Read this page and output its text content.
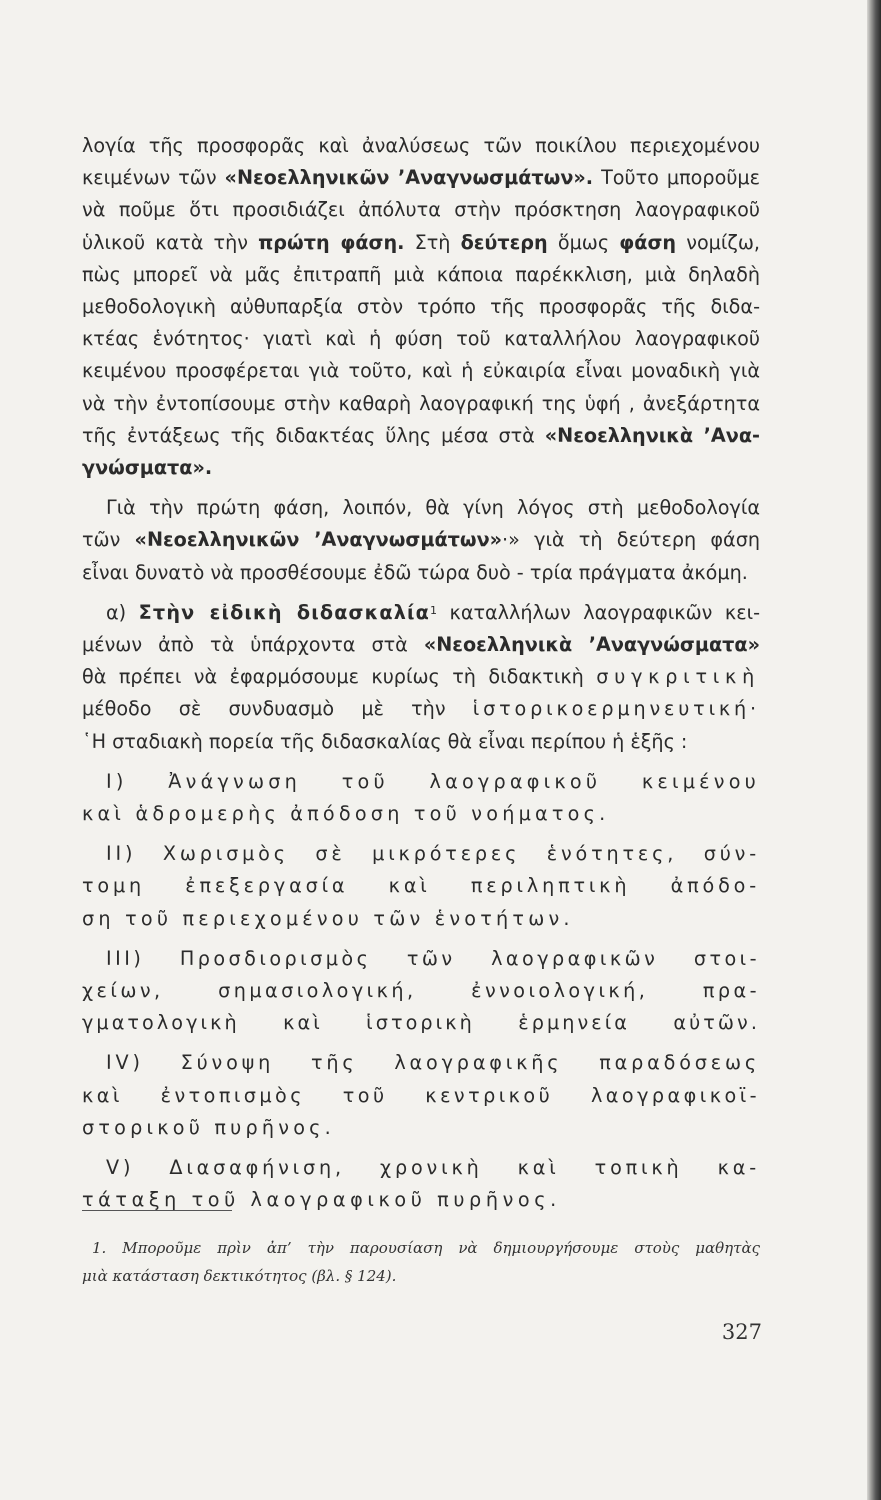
λογία τῆς προσφορᾶς καὶ ἀναλύσεως τῶν ποικίλου περιεχομένου
κειμένων τῶν «Νεοελληνικῶν ’Αναγνωσμάτων». Τοῦτο μποροῦμε
νὰ ποῦμε ὅτι προσιδιάζει ἀπόλυτα στὴν πρόσκτηση λαογραφικοῦ
ὑλικοῦ κατὰ τὴν πρώτη φάση. Στὴ δεύτερη ὅμως φάση νομίζω,
πὼς μπορεῖ νὰ μᾶς ἐπιτραπῆ μιὰ κάποια παρέκκλιση, μιὰ δηλαδὴ
μεθοδολογικὴ αὐθυπαρξία στὸν τρόπο τῆς προσφορᾶς τῆς διδα-
κτέας ἑνότητος· γιατὶ καὶ ἡ φύση τοῦ καταλλήλου λαογραφικοῦ
κειμένου προσφέρεται γιὰ τοῦτο, καὶ ἡ εὐκαιρία εἶναι μοναδικὴ γιὰ
νὰ τὴν ἐντοπίσουμε στὴν καθαρὴ λαογραφική της ὑφή , ἀνεξάρτητα
τῆς ἐντάξεως τῆς διδακτέας ὕλης μέσα στὰ «Νεοελληνικὰ ’Ανα-
γνώσματα».
Γιὰ τὴν πρώτη φάση, λοιπόν, θὰ γίνη λόγος στὴ μεθοδολογία
τῶν «Νεοελληνικῶν ’Αναγνωσμάτων»·» γιὰ τὴ δεύτερη φάση
εἶναι δυνατὸ νὰ προσθέσουμε ἐδῶ τώρα δυὸ - τρία πράγματα ἀκόμη.
α) Στὴν εἰδικὴ διδασκαλία$^1$ καταλλήλων λαογραφικῶν κει-
μένων ἀπὸ τὰ ὑπάρχοντα στὰ «Νεοελληνικὰ ’Αναγνώσματα»
θὰ πρέπει νὰ ἐφαρμόσουμε κυρίως τὴ διδακτικὴ συγκριτικὴ
μέθοδο σὲ συνδυασμὸ μὲ τὴν ἱστορικοερμηνευτική·
῾Η σταδιακὴ πορεία τῆς διδασκαλίας θὰ εἶναι περίπου ἡ ἑξῆς :
Ι) Ἀνάγνωση τοῦ λαογραφικοῦ κειμένου
καὶ ἁδρομερὴς ἀπόδοση τοῦ νοήματος.
ΙΙ) Χωρισμὸς σὲ μικρότερες ἑνότητες, σύν-
τομη ἐπεξεργασία καὶ περιληπτικὴ ἀπόδο-
ση τοῦ περιεχομένου τῶν ἑνοτήτων.
ΙΙΙ) Προσδιορισμὸς τῶν λαογραφικῶν στοι-
χείων, σημασιολογική, ἐννοιολογική, πρα-
γματολογικὴ καὶ ἱστορικὴ ἑρμηνεία αὐτῶν.
ΙV) Σύνοψη τῆς λαογραφικῆς παραδόσεως
καὶ ἐντοπισμὸς τοῦ κεντρικοῦ λαογραφικοϊ-
στορικοῦ πυρῆνος.
V) Διασαφήνιση, χρονικὴ καὶ τοπικὴ κα-
τάταξη τοῦ λαογραφικοῦ πυρῆνος.
1. Μποροῦμε πρὶν ἀπ’ τὴν παρουσίαση νὰ δημιουργήσουμε στοὺς μαθητὰς
μιὰ κατάσταση δεκτικότητος (βλ. § 124).
327
